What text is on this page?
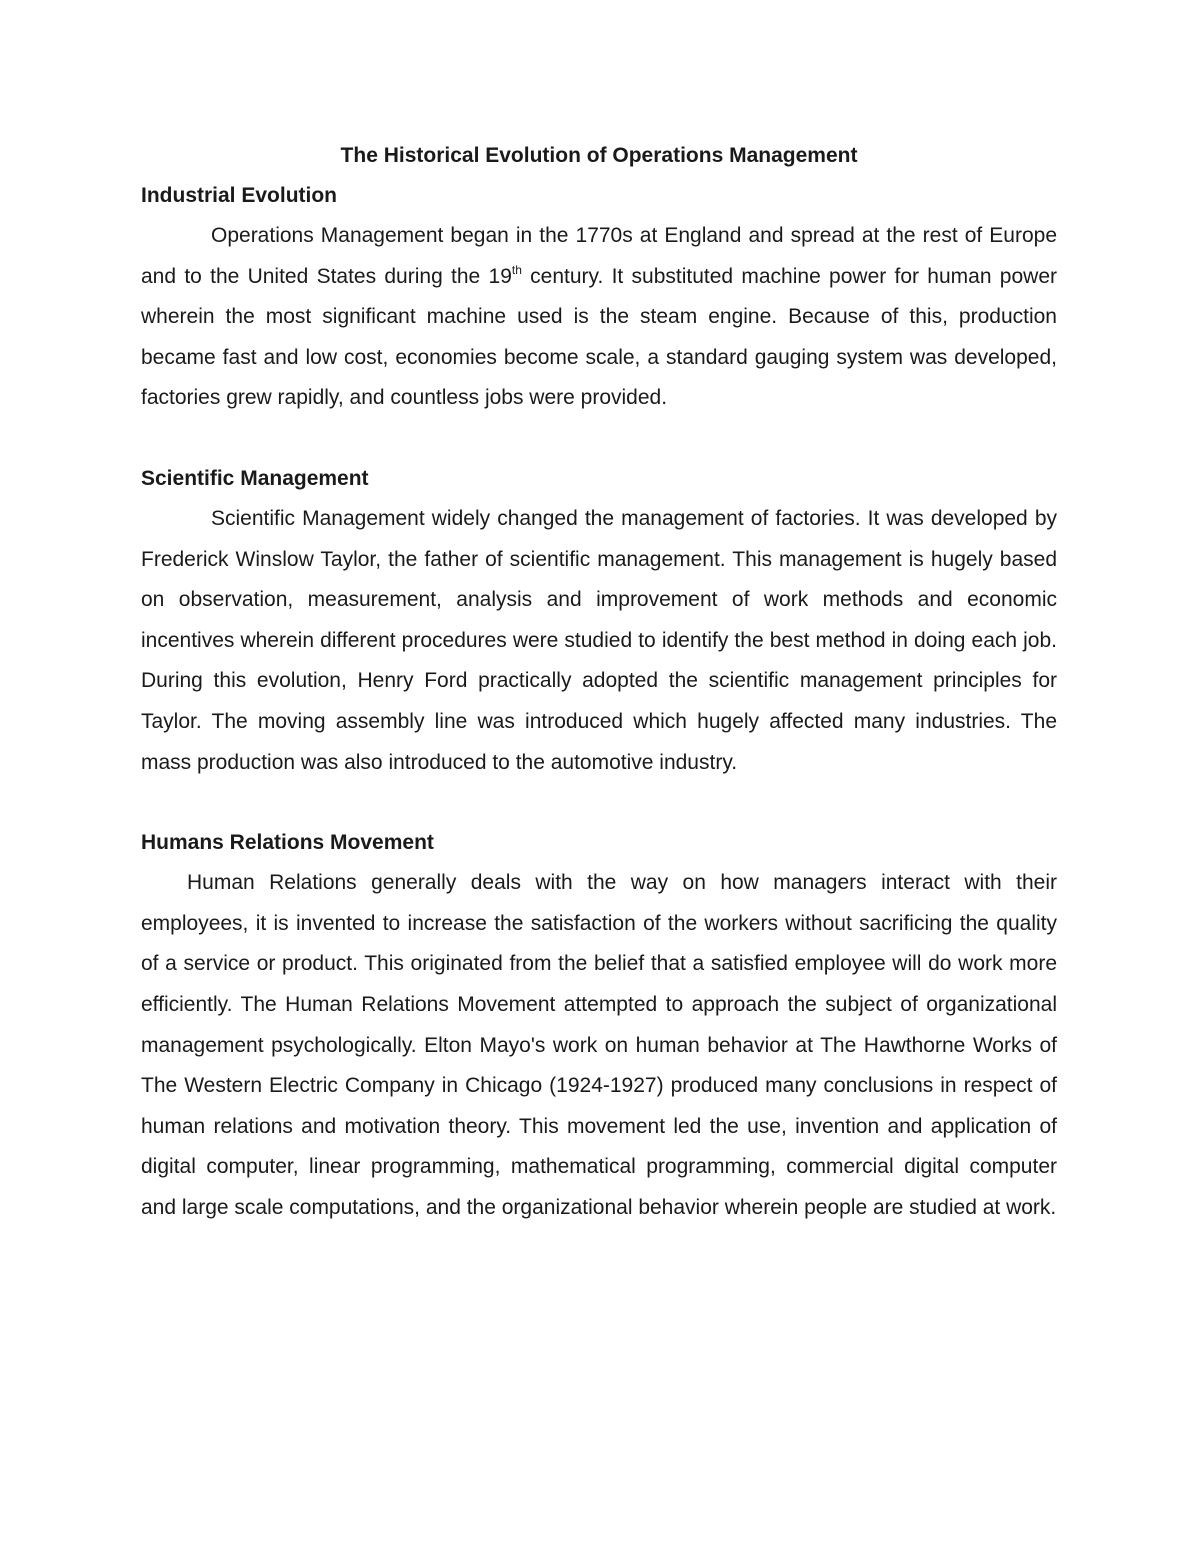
The Historical Evolution of Operations Management
Industrial Evolution

Operations Management began in the 1770s at England and spread at the rest of Europe and to the United States during the 19th century. It substituted machine power for human power wherein the most significant machine used is the steam engine. Because of this, production became fast and low cost, economies become scale, a standard gauging system was developed, factories grew rapidly, and countless jobs were provided.

Scientific Management

Scientific Management widely changed the management of factories. It was developed by Frederick Winslow Taylor, the father of scientific management. This management is hugely based on observation, measurement, analysis and improvement of work methods and economic incentives wherein different procedures were studied to identify the best method in doing each job. During this evolution, Henry Ford practically adopted the scientific management principles for Taylor. The moving assembly line was introduced which hugely affected many industries. The mass production was also introduced to the automotive industry.

Humans Relations Movement

Human Relations generally deals with the way on how managers interact with their employees, it is invented to increase the satisfaction of the workers without sacrificing the quality of a service or product. This originated from the belief that a satisfied employee will do work more efficiently. The Human Relations Movement attempted to approach the subject of organizational management psychologically. Elton Mayo's work on human behavior at The Hawthorne Works of The Western Electric Company in Chicago (1924-1927) produced many conclusions in respect of human relations and motivation theory. This movement led the use, invention and application of digital computer, linear programming, mathematical programming, commercial digital computer and large scale computations, and the organizational behavior wherein people are studied at work.
